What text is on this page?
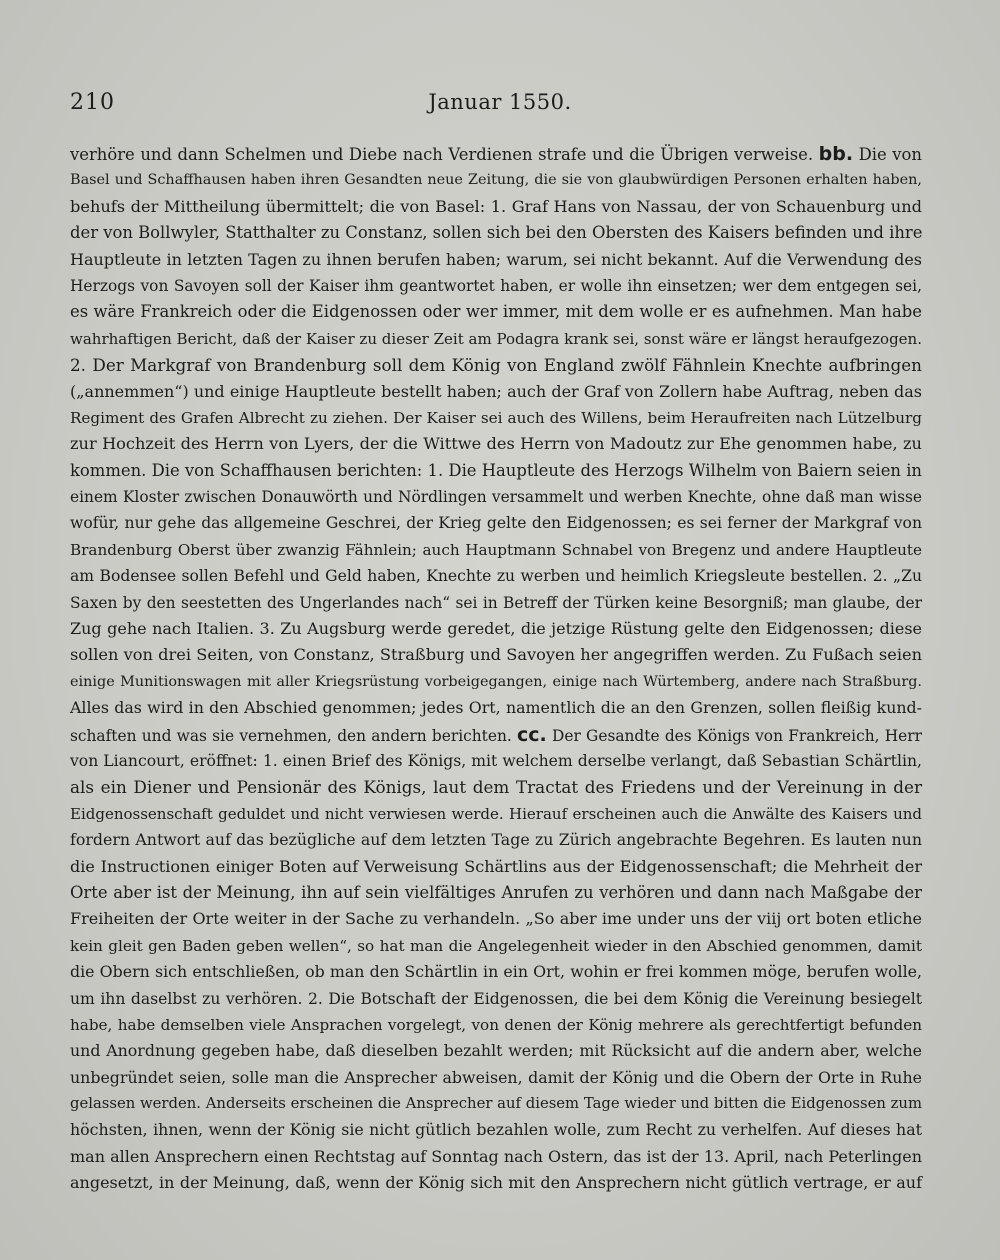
210	Januar 1550.
verhöre und dann Schelmen und Diebe nach Verdienen strafe und die Übrigen verweise. bb. Die von
Basel und Schaffhausen haben ihren Gesandten neue Zeitung, die sie von glaubwürdigen Personen erhalten haben,
behufs der Mittheilung übermittelt; die von Basel: 1. Graf Hans von Nassau, der von Schauenburg und
der von Bollwyler, Statthalter zu Constanz, sollen sich bei den Obersten des Kaisers befinden und ihre
Hauptleute in letzten Tagen zu ihnen berufen haben; warum, sei nicht bekannt. Auf die Verwendung des
Herzogs von Savoyen soll der Kaiser ihm geantwortet haben, er wolle ihn einsetzen; wer dem entgegen sei,
es wäre Frankreich oder die Eidgenossen oder wer immer, mit dem wolle er es aufnehmen. Man habe
wahrhaftigen Bericht, daß der Kaiser zu dieser Zeit am Podagra krank sei, sonst wäre er längst heraufgezogen.
2. Der Markgraf von Brandenburg soll dem König von England zwölf Fähnlein Knechte aufbringen
(„annemmen“) und einige Hauptleute bestellt haben; auch der Graf von Zollern habe Auftrag, neben das
Regiment des Grafen Albrecht zu ziehen. Der Kaiser sei auch des Willens, beim Heraufreiten nach Lützelburg
zur Hochzeit des Herrn von Lyers, der die Wittwe des Herrn von Madoutz zur Ehe genommen habe, zu
kommen. Die von Schaffhausen berichten: 1. Die Hauptleute des Herzogs Wilhelm von Baiern seien in
einem Kloster zwischen Donauwörth und Nördlingen versammelt und werben Knechte, ohne daß man wisse
wofür, nur gehe das allgemeine Geschrei, der Krieg gelte den Eidgenossen; es sei ferner der Markgraf von
Brandenburg Oberst über zwanzig Fähnlein; auch Hauptmann Schnabel von Bregenz und andere Hauptleute
am Bodensee sollen Befehl und Geld haben, Knechte zu werben und heimlich Kriegsleute bestellen. 2. „Zu
Saxen by den seestetten des Ungerlandes nach“ sei in Betreff der Türken keine Besorgniß; man glaube, der
Zug gehe nach Italien. 3. Zu Augsburg werde geredet, die jetzige Rüstung gelte den Eidgenossen; diese
sollen von drei Seiten, von Constanz, Straßburg und Savoyen her angegriffen werden. Zu Fußach seien
einige Munitionswagen mit aller Kriegsrüstung vorbeigegangen, einige nach Würtemberg, andere nach Straßburg.
Alles das wird in den Abschied genommen; jedes Ort, namentlich die an den Grenzen, sollen fleißig kund-
schaften und was sie vernehmen, den andern berichten. cc. Der Gesandte des Königs von Frankreich, Herr
von Liancourt, eröffnet: 1. einen Brief des Königs, mit welchem derselbe verlangt, daß Sebastian Schärtlin,
als ein Diener und Pensionär des Königs, laut dem Tractat des Friedens und der Vereinung in der
Eidgenossenschaft geduldet und nicht verwiesen werde. Hierauf erscheinen auch die Anwälte des Kaisers und
fordern Antwort auf das bezügliche auf dem letzten Tage zu Zürich angebrachte Begehren. Es lauten nun
die Instructionen einiger Boten auf Verweisung Schärtlins aus der Eidgenossenschaft; die Mehrheit der
Orte aber ist der Meinung, ihn auf sein vielfältiges Anrufen zu verhören und dann nach Maßgabe der
Freiheiten der Orte weiter in der Sache zu verhandeln. „So aber ime under uns der viij ort boten etliche
kein gleit gen Baden geben wellen“, so hat man die Angelegenheit wieder in den Abschied genommen, damit
die Obern sich entschließen, ob man den Schärtlin in ein Ort, wohin er frei kommen möge, berufen wolle,
um ihn daselbst zu verhören. 2. Die Botschaft der Eidgenossen, die bei dem König die Vereinung besiegelt
habe, habe demselben viele Ansprachen vorgelegt, von denen der König mehrere als gerechtfertigt befunden
und Anordnung gegeben habe, daß dieselben bezahlt werden; mit Rücksicht auf die andern aber, welche
unbegründet seien, solle man die Ansprecher abweisen, damit der König und die Obern der Orte in Ruhe
gelassen werden. Anderseits erscheinen die Ansprecher auf diesem Tage wieder und bitten die Eidgenossen zum
höchsten, ihnen, wenn der König sie nicht gütlich bezahlen wolle, zum Recht zu verhelfen. Auf dieses hat
man allen Ansprechern einen Rechtstag auf Sonntag nach Ostern, das ist der 13. April, nach Peterlingen
angesetzt, in der Meinung, daß, wenn der König sich mit den Ansprechern nicht gütlich vertrage, er auf
